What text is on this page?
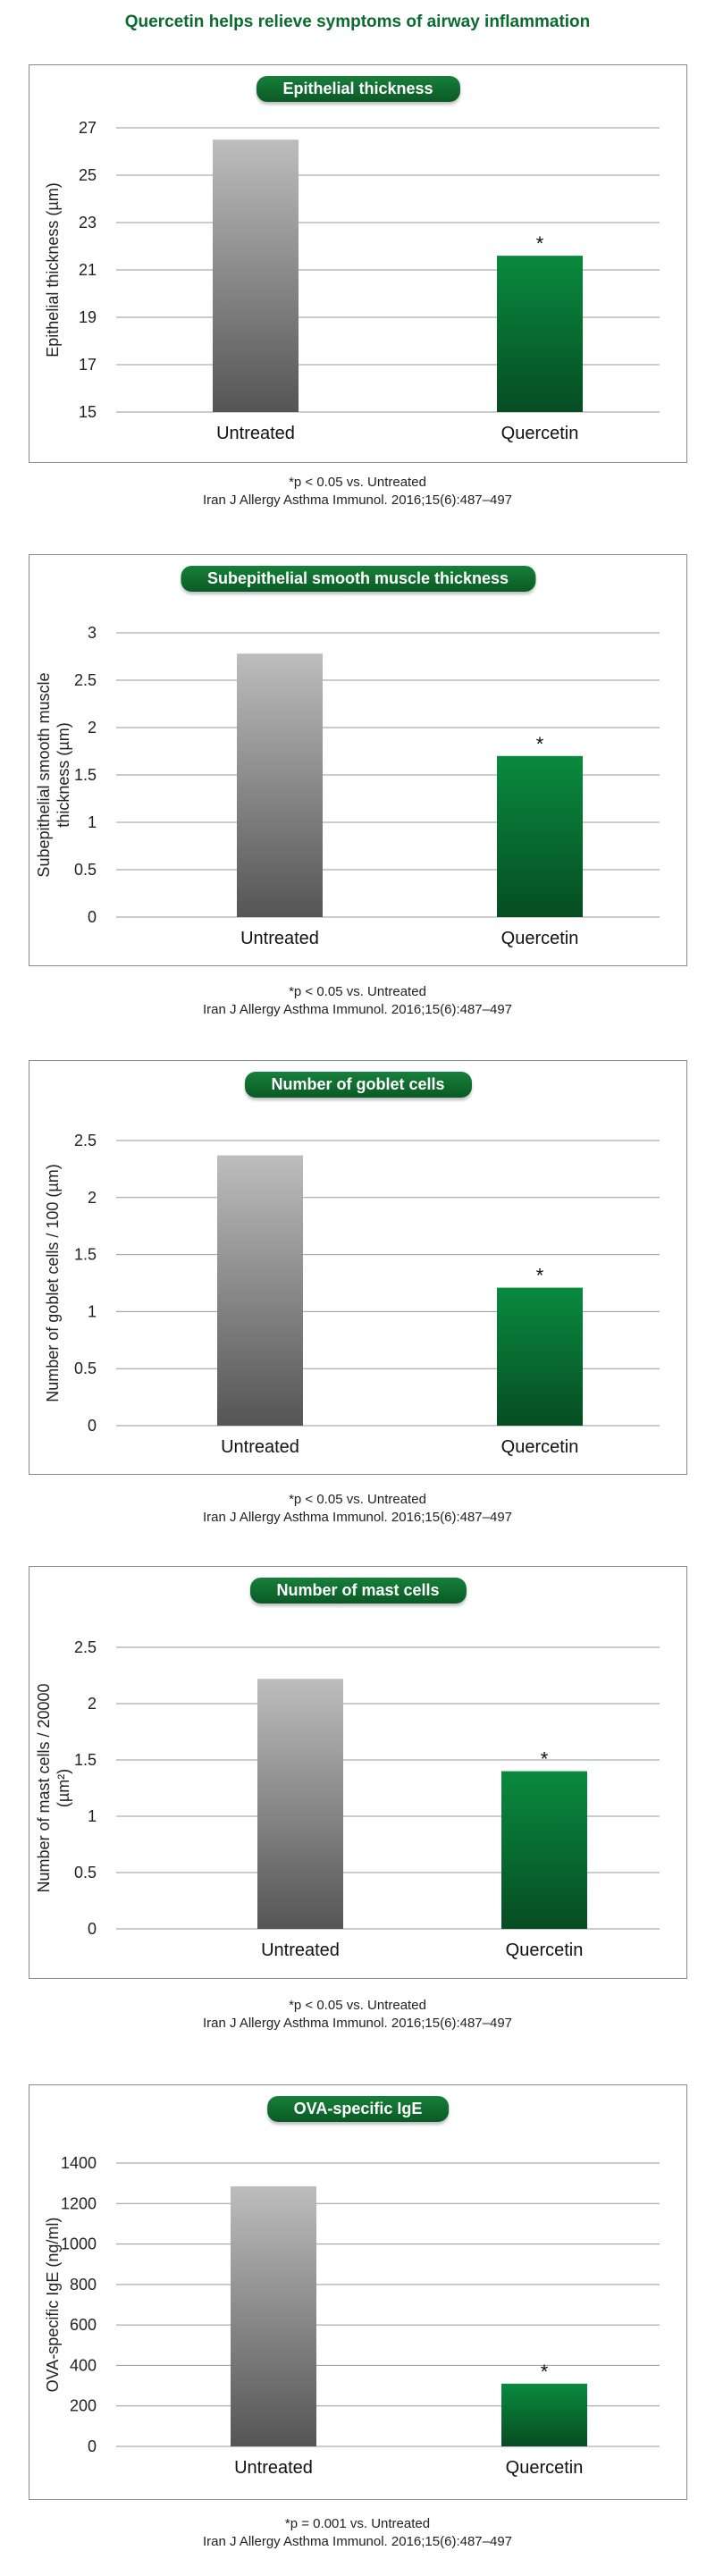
Quercetin helps relieve symptoms of airway inflammation
Epithelial thickness
15
17
19
21
23
25
27
Epithelial thickness (µm)
Untreated	Quercetin
*
*p < 0.05 vs. Untreated
Iran J Allergy Asthma Immunol. 2016;15(6):487–497
Subepithelial smooth muscle thickness
0
0.5
1
1.5
2
2.5
3
Subepithelial smooth muscle thickness (µm)
Untreated	Quercetin
*
*p < 0.05 vs. Untreated
Iran J Allergy Asthma Immunol. 2016;15(6):487–497
Number of goblet cells
0
0.5
1
1.5
2
2.5
Number of goblet cells / 100 (µm)
Untreated	Quercetin
*
*p < 0.05 vs. Untreated
Iran J Allergy Asthma Immunol. 2016;15(6):487–497
Number of mast cells
0
0.5
1
1.5
2
2.5
Number of mast cells / 20000 (µm²)
Untreated	Quercetin
*
*p < 0.05 vs. Untreated
Iran J Allergy Asthma Immunol. 2016;15(6):487–497
OVA-specific IgE
0
200
400
600
800
1000
1200
1400
OVA-specific IgE (ng/ml)
Untreated	Quercetin
*
*p = 0.001 vs. Untreated
Iran J Allergy Asthma Immunol. 2016;15(6):487–497
